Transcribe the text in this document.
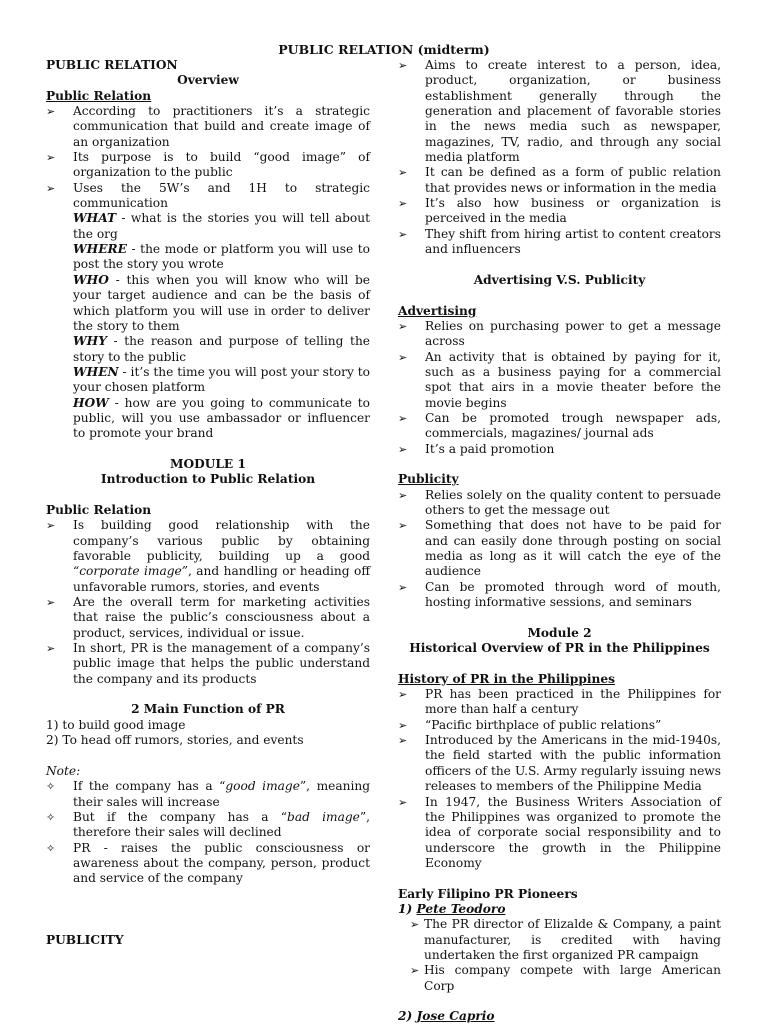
PUBLIC RELATION (midterm)
PUBLIC RELATION
Overview
Public Relation
➢	According to practitioners it’s a strategic communication that build and create image of an organization
➢	Its purpose is to build “good image” of organization to the public
➢	Uses the 5W’s and 1H to strategic communication
WHAT - what is the stories you will tell about the org
WHERE - the mode or platform you will use to post the story you wrote
WHO - this when you will know who will be your target audience and can be the basis of which platform you will use in order to deliver the story to them
WHY - the reason and purpose of telling the story to the public
WHEN - it’s the time you will post your story to your chosen platform
HOW - how are you going to communicate to public, will you use ambassador or influencer to promote your brand
MODULE 1
Introduction to Public Relation
Public Relation
➢	Is building good relationship with the company’s various public by obtaining favorable publicity, building up a good “corporate image”, and handling or heading off unfavorable rumors, stories, and events
➢	Are the overall term for marketing activities that raise the public’s consciousness about a product, services, individual or issue.
➢	In short, PR is the management of a company’s public image that helps the public understand the company and its products
2 Main Function of PR
1) to build good image
2) To head off rumors, stories, and events
Note:
✧	If the company has a “good image”, meaning their sales will increase
✧	But if the company has a “bad image”, therefore their sales will declined
✧	PR - raises the public consciousness or awareness about the company, person, product and service of the company
PUBLICITY
➢	Aims to create interest to a person, idea, product, organization, or business establishment generally through the generation and placement of favorable stories in the news media such as newspaper, magazines, TV, radio, and through any social media platform
➢	It can be defined as a form of public relation that provides news or information in the media
➢	It’s also how business or organization is perceived in the media
➢	They shift from hiring artist to content creators and influencers
Advertising V.S. Publicity
Advertising
➢	Relies on purchasing power to get a message across
➢	An activity that is obtained by paying for it, such as a business paying for a commercial spot that airs in a movie theater before the movie begins
➢	Can be promoted trough newspaper ads, commercials, magazines/ journal ads
➢	It’s a paid promotion
Publicity
➢	Relies solely on the quality content to persuade others to get the message out
➢	Something that does not have to be paid for and can easily done through posting on social media as long as it will catch the eye of the audience
➢	Can be promoted through word of mouth, hosting informative sessions, and seminars
Module 2
Historical Overview of PR in the Philippines
History of PR in the Philippines
➢	PR has been practiced in the Philippines for more than half a century
➢	“Pacific birthplace of public relations”
➢	Introduced by the Americans in the mid-1940s, the field started with the public information officers of the U.S. Army regularly issuing news releases to members of the Philippine Media
➢	In 1947, the Business Writers Association of the Philippines was organized to promote the idea of corporate social responsibility and to underscore the growth in the Philippine Economy
Early Filipino PR Pioneers
1) Pete Teodoro
➢ The PR director of Elizalde & Company, a paint manufacturer, is credited with having undertaken the first organized PR campaign
➢ His company compete with large American Corp
2) Jose Caprio
